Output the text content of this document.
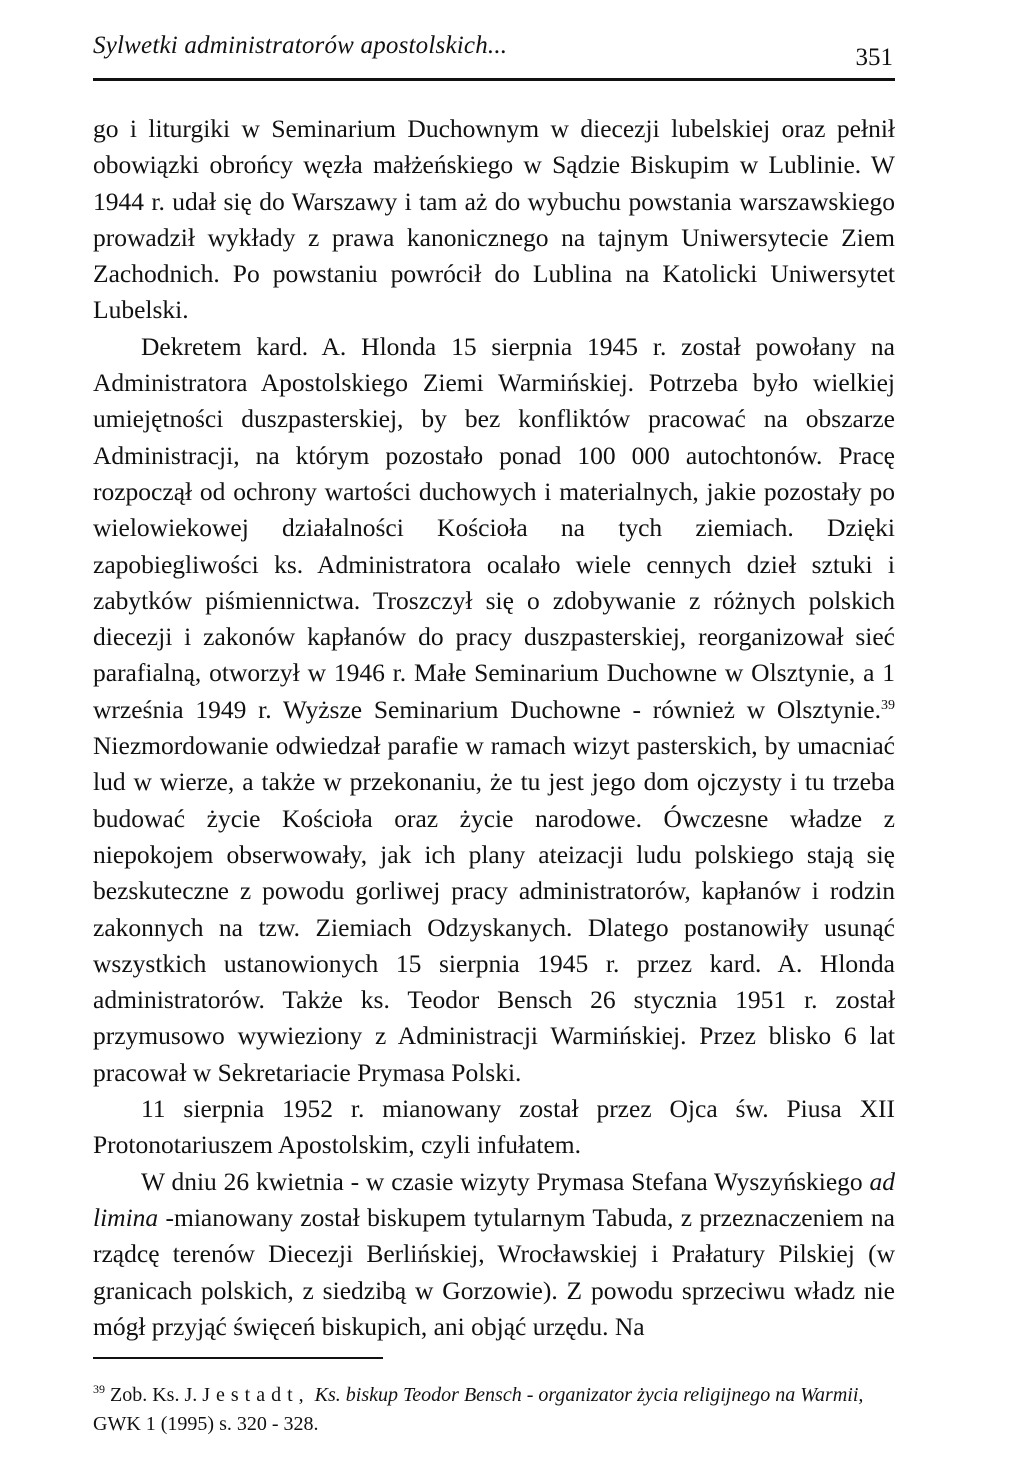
Sylwetki administratorów apostolskich...	351

go i liturgiki w Seminarium Duchownym w diecezji lubelskiej oraz pełnił obowiązki obrońcy węzła małżeńskiego w Sądzie Biskupim w Lublinie. W 1944 r. udał się do Warszawy i tam aż do wybuchu powstania warszawskiego prowadził wykłady z prawa kanonicznego na tajnym Uniwersytecie Ziem Zachodnich. Po powstaniu powrócił do Lublina na Katolicki Uniwersytet Lubelski.

Dekretem kard. A. Hlonda 15 sierpnia 1945 r. został powołany na Administratora Apostolskiego Ziemi Warmińskiej. Potrzeba było wielkiej umiejętności duszpasterskiej, by bez konfliktów pracować na obszarze Administracji, na którym pozostało ponad 100 000 autochtonów. Pracę rozpoczął od ochrony wartości duchowych i materialnych, jakie pozostały po wielowiekowej działalności Kościoła na tych ziemiach. Dzięki zapobiegliwości ks. Administratora ocalało wiele cennych dzieł sztuki i zabytków piśmiennictwa. Troszczył się o zdobywanie z różnych polskich diecezji i zakonów kapłanów do pracy duszpasterskiej, reorganizował sieć parafialną, otworzył w 1946 r. Małe Seminarium Duchowne w Olsztynie, a 1 września 1949 r. Wyższe Seminarium Duchowne - również w Olsztynie.$^{39}$ Niezmordowanie odwiedzał parafie w ramach wizyt pasterskich, by umacniać lud w wierze, a także w przekonaniu, że tu jest jego dom ojczysty i tu trzeba budować życie Kościoła oraz życie narodowe. Ówczesne władze z niepokojem obserwowały, jak ich plany ateizacji ludu polskiego stają się bezskuteczne z powodu gorliwej pracy administratorów, kapłanów i rodzin zakonnych na tzw. Ziemiach Odzyskanych. Dlatego postanowiły usunąć wszystkich ustanowionych 15 sierpnia 1945 r. przez kard. A. Hlonda administratorów. Także ks. Teodor Bensch 26 stycznia 1951 r. został przymusowo wywieziony z Administracji Warmińskiej. Przez blisko 6 lat pracował w Sekretariacie Prymasa Polski.

11 sierpnia 1952 r. mianowany został przez Ojca św. Piusa XII Protonotariuszem Apostolskim, czyli infułatem.

W dniu 26 kwietnia - w czasie wizyty Prymasa Stefana Wyszyńskiego ad limina -mianowany został biskupem tytularnym Tabuda, z przeznaczeniem na rządcę terenów Diecezji Berlińskiej, Wrocławskiej i Prałatury Pilskiej (w granicach polskich, z siedzibą w Gorzowie). Z powodu sprzeciwu władz nie mógł przyjąć święceń biskupich, ani objąć urzędu. Na

$^{39}$ Zob. Ks. J. Jestadt, Ks. biskup Teodor Bensch - organizator życia religijnego na Warmii, GWK 1 (1995) s. 320 - 328.
